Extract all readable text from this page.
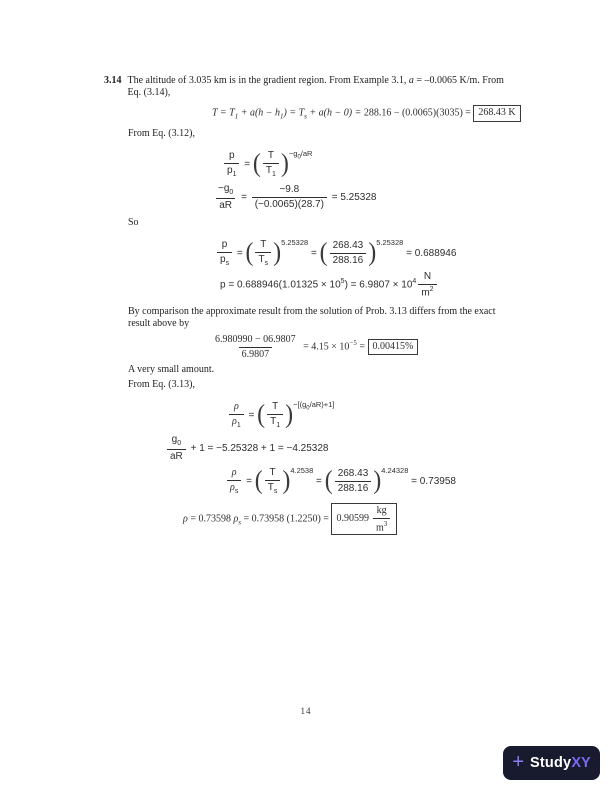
3.14 The altitude of 3.035 km is in the gradient region. From Example 3.1, a = –0.0065 K/m. From
Eq. (3.14),
$T = T_1 + a(h - h_1) = T_s + a(h - 0) = 288.16 - (0.0065)(3035) = 268.43$ K
From Eq. (3.12),
$\frac{p}{p_1}$ = ( $\frac{T}{T_1} )^{-g_0/aR}$
$\frac{-g_0}{aR} = \frac{-9.8}{(-0.0065)(28.7)} = 5.25328$
So
$\frac{p}{p_s}$ = ( $\frac{T}{T_s} )^{5.25328}$ = ( $\frac{268.43}{288.16} )^{5.25328} = 0.688946$
$p = 0.688946(1.01325 \times 10^5) = 6.9807 \times 10^4 \frac{N}{m^2}$
By comparison the approximate result from the solution of Prob. 3.13 differs from the exact
result above by
$\frac{6.980990 - 06.9807}{6.9807} = 4.15 \times 10^{-5} = 0.00415\%$
A very small amount.
From Eq. (3.13),
$\frac{\rho}{\rho_1}$ = ( $\frac{T}{T_1} )^{-[(g_0/aR)+1]}$
$\frac{g_0}{aR} + 1 = -5.25328 + 1 = -4.25328$
$\frac{\rho}{\rho_s}$ = ( $\frac{T}{T_s} )^{4.2538}$ = ( $\frac{268.43}{288.16} )^{4.24328} = 0.73958$
ρ = 0.73598 $\rho_s = 0.73958$ $(1.2250) = 0.90599 \frac{kg}{m^3}$
14
+ Study XY
